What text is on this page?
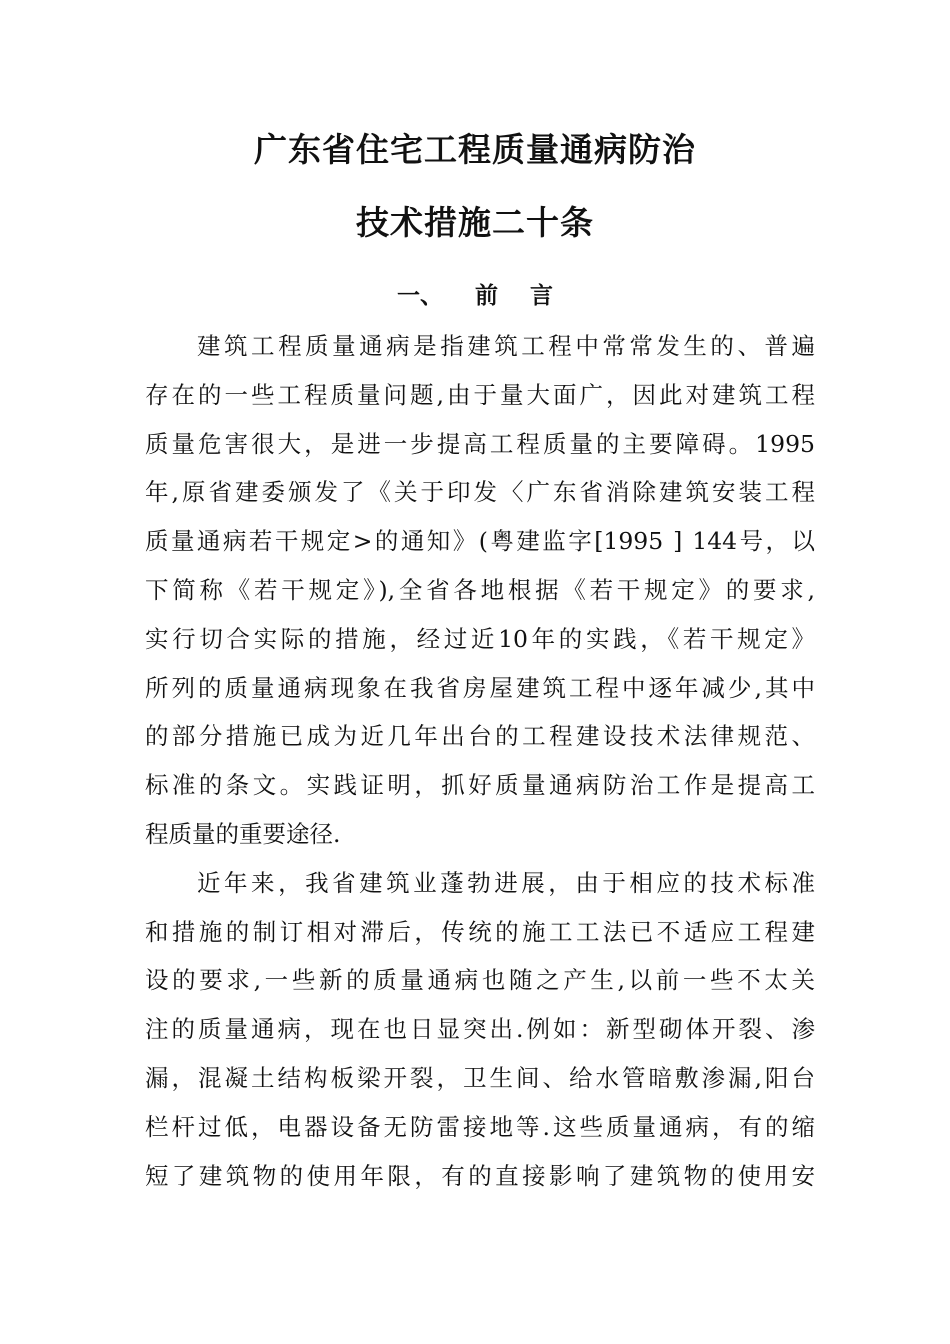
广东省住宅工程质量通病防治
技术措施二十条
一、    前    言
建筑工程质量通病是指建筑工程中常常发生的、普遍
存在的一些工程质量问题,由于量大面广，因此对建筑工程
质量危害很大，是进一步提高工程质量的主要障碍。1995
年,原省建委颁发了《关于印发〈广东省消除建筑安装工程
质量通病若干规定>的通知》(粤建监字[1995 ] 144号，以
下简称《若干规定》),全省各地根据《若干规定》的要求,
实行切合实际的措施，经过近10年的实践，《若干规定》
所列的质量通病现象在我省房屋建筑工程中逐年减少,其中
的部分措施已成为近几年出台的工程建设技术法律规范、
标准的条文。实践证明，抓好质量通病防治工作是提高工
程质量的重要途径.
近年来，我省建筑业蓬勃进展，由于相应的技术标准
和措施的制订相对滞后，传统的施工工法已不适应工程建
设的要求,一些新的质量通病也随之产生,以前一些不太关
注的质量通病，现在也日显突出.例如：新型砌体开裂、渗
漏，混凝土结构板梁开裂，卫生间、给水管暗敷渗漏,阳台
栏杆过低，电器设备无防雷接地等.这些质量通病，有的缩
短了建筑物的使用年限，有的直接影响了建筑物的使用安
